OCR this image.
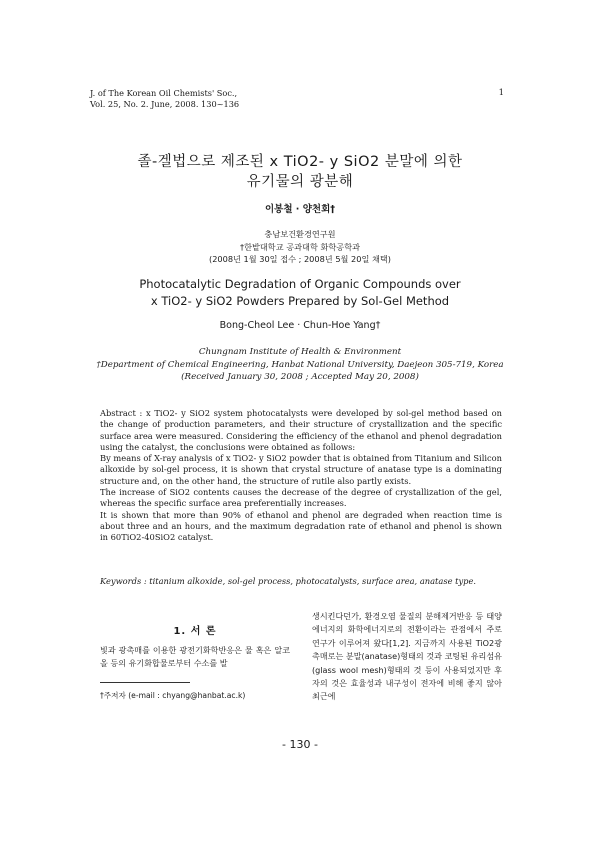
J. of The Korean Oil Chemists' Soc.,
Vol. 25, No. 2. June, 2008. 130~136
1
졸-겔법으로 제조된 x TiO2- y SiO2 분말에 의한
유기물의 광분해
이봉철 · 양천회†
충남보건환경연구원
†한밭대학교 공과대학 화학공학과
(2008년 1월 30일 접수 ; 2008년 5월 20일 채택)
Photocatalytic Degradation of Organic Compounds over
x TiO2- y SiO2 Powders Prepared by Sol-Gel Method
Bong-Cheol Lee · Chun-Hoe Yang†
Chungnam Institute of Health & Environment
†Department of Chemical Engineering, Hanbat National University, Daejeon 305-719, Korea
(Received January 30, 2008 ; Accepted May 20, 2008)

Abstract : x TiO2- y SiO2 system photocatalysts were developed by sol-gel method based on the change of production parameters, and their structure of crystallization and the specific surface area were measured. Considering the efficiency of the ethanol and phenol degradation using the catalyst, the conclusions were obtained as follows:

By means of X-ray analysis of x TiO2- y SiO2 powder that is obtained from Titanium and Silicon alkoxide by sol-gel process, it is shown that crystal structure of anatase type is a dominating structure and, on the other hand, the structure of rutile also partly exists.

The increase of SiO2 contents causes the decrease of the degree of crystallization of the gel, whereas the specific surface area preferentially increases.

It is shown that more than 90% of ethanol and phenol are degraded when reaction time is about three and an hours, and the maximum degradation rate of ethanol and phenol is shown in 60TiO2-40SiO2 catalyst.

Keywords : titanium alkoxide, sol-gel process, photocatalysts, surface area, anatase type.
1. 서 론
빛과 광촉매를 이용한 광전기화학반응은 물 혹은 알코올 등의 유기화합물로부터 수소를 발
생시킨다던가, 환경오염 물질의 분해제거반응 등 태양에너지의 화학에너지로의 전환이라는 관점에서 주로 연구가 이루어져 왔다[1,2]. 지금까지 사용된 TiO2광촉매로는 분말(anatase)형태의 것과 코팅된 유리섬유(glass wool mesh)형태의 것 등이 사용되었지만 후자의 것은 효율성과 내구성이 전자에 비해 좋지 않아 최근에
†주저자 (e-mail : chyang@hanbat.ac.k)
- 130 -
